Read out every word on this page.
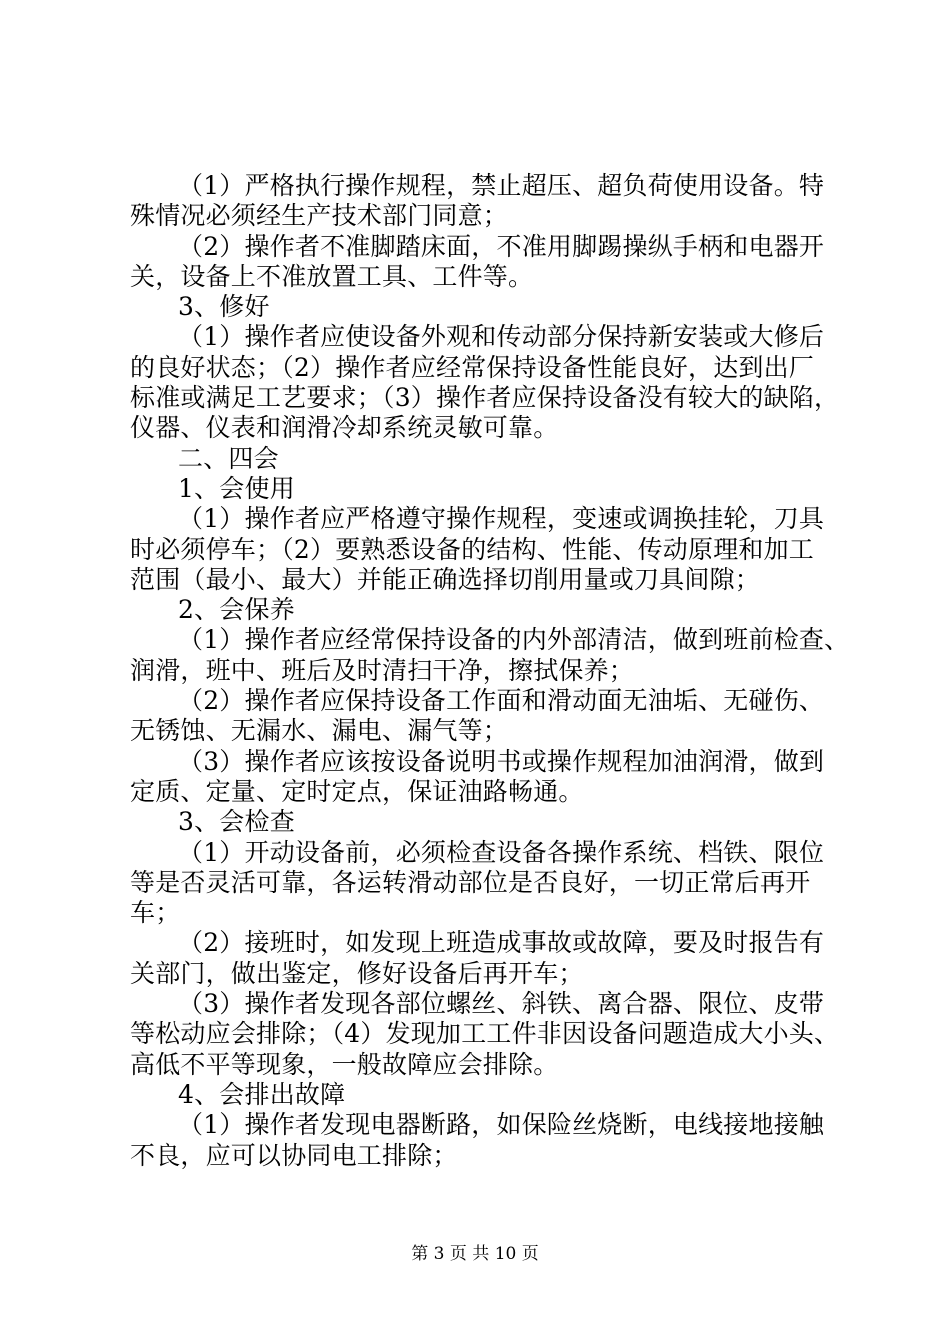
（1）严格执行操作规程，禁止超压、超负荷使用设备。特
殊情况必须经生产技术部门同意；
（2）操作者不准脚踏床面，不准用脚踢操纵手柄和电器开
关，设备上不准放置工具、工件等。
3、修好
（1）操作者应使设备外观和传动部分保持新安装或大修后
的良好状态；（2）操作者应经常保持设备性能良好，达到出厂
标准或满足工艺要求；（3）操作者应保持设备没有较大的缺陷，
仪器、仪表和润滑冷却系统灵敏可靠。
二、四会
1、会使用
（1）操作者应严格遵守操作规程，变速或调换挂轮，刀具
时必须停车；（2）要熟悉设备的结构、性能、传动原理和加工
范围（最小、最大）并能正确选择切削用量或刀具间隙；
2、会保养
（1）操作者应经常保持设备的内外部清洁，做到班前检查、
润滑，班中、班后及时清扫干净，擦拭保养；
（2）操作者应保持设备工作面和滑动面无油垢、无碰伤、
无锈蚀、无漏水、漏电、漏气等；
（3）操作者应该按设备说明书或操作规程加油润滑，做到
定质、定量、定时定点，保证油路畅通。
3、会检查
（1）开动设备前，必须检查设备各操作系统、档铁、限位
等是否灵活可靠，各运转滑动部位是否良好，一切正常后再开
车；
（2）接班时，如发现上班造成事故或故障，要及时报告有
关部门，做出鉴定，修好设备后再开车；
（3）操作者发现各部位螺丝、斜铁、离合器、限位、皮带
等松动应会排除；（4）发现加工工件非因设备问题造成大小头、
高低不平等现象，一般故障应会排除。
4、会排出故障
（1）操作者发现电器断路，如保险丝烧断，电线接地接触
不良，应可以协同电工排除；
第 3 页 共 10 页
